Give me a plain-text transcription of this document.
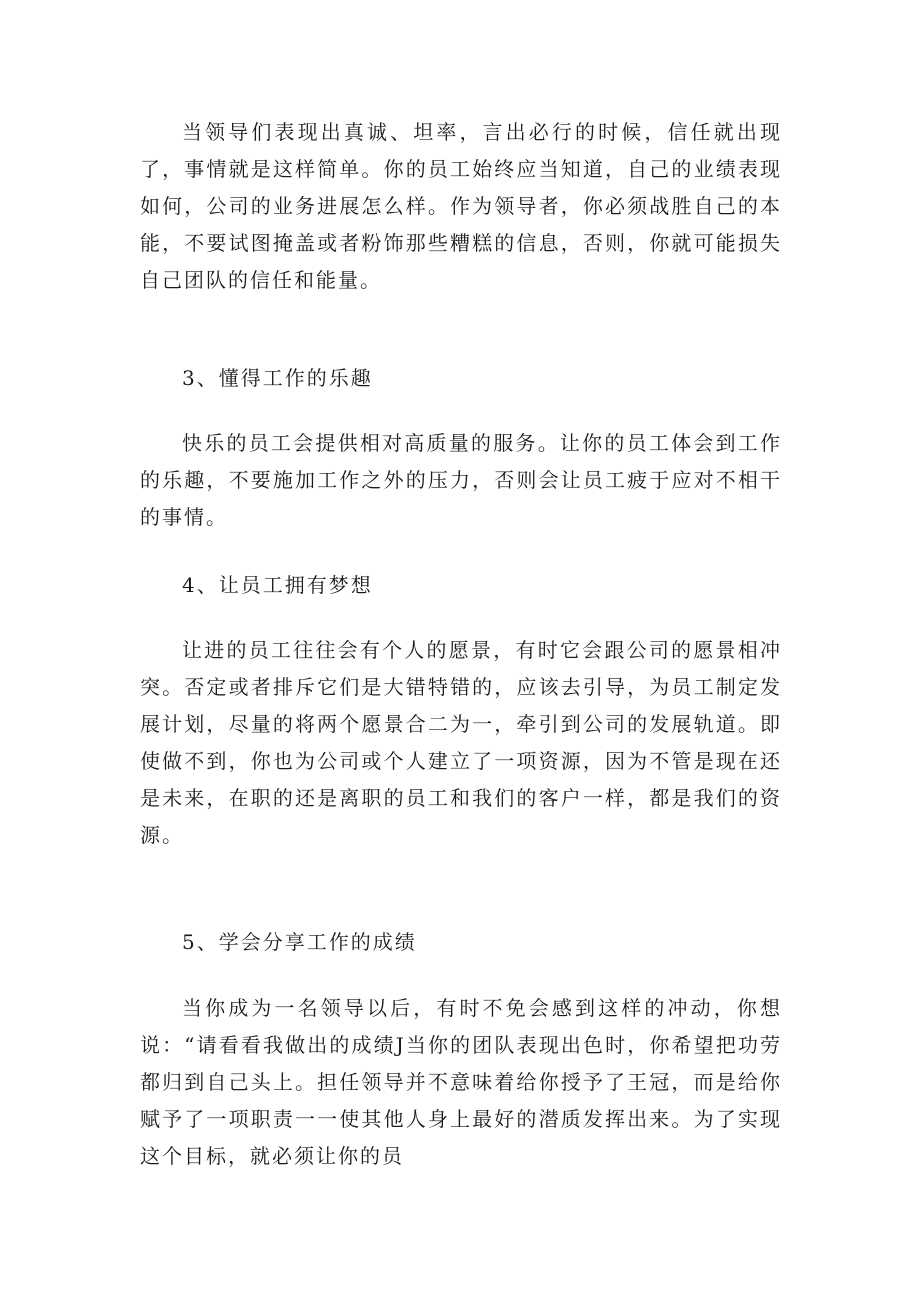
当领导们表现出真诚、坦率，言出必行的时候，信任就出现了，事情就是这样简单。你的员工始终应当知道，自己的业绩表现如何，公司的业务进展怎么样。作为领导者，你必须战胜自己的本能，不要试图掩盖或者粉饰那些糟糕的信息，否则，你就可能损失自己团队的信任和能量。

3、懂得工作的乐趣

快乐的员工会提供相对高质量的服务。让你的员工体会到工作的乐趣，不要施加工作之外的压力，否则会让员工疲于应对不相干的事情。

4、让员工拥有梦想

让进的员工往往会有个人的愿景，有时它会跟公司的愿景相冲突。否定或者排斥它们是大错特错的，应该去引导，为员工制定发展计划，尽量的将两个愿景合二为一，牵引到公司的发展轨道。即使做不到，你也为公司或个人建立了一项资源，因为不管是现在还是未来，在职的还是离职的员工和我们的客户一样，都是我们的资源。

5、学会分享工作的成绩

当你成为一名领导以后，有时不免会感到这样的冲动，你想说：“请看看我做出的成绩J当你的团队表现出色时，你希望把功劳都归到自己头上。担任领导并不意味着给你授予了王冠，而是给你赋予了一项职责一一使其他人身上最好的潜质发挥出来。为了实现这个目标，就必须让你的员
